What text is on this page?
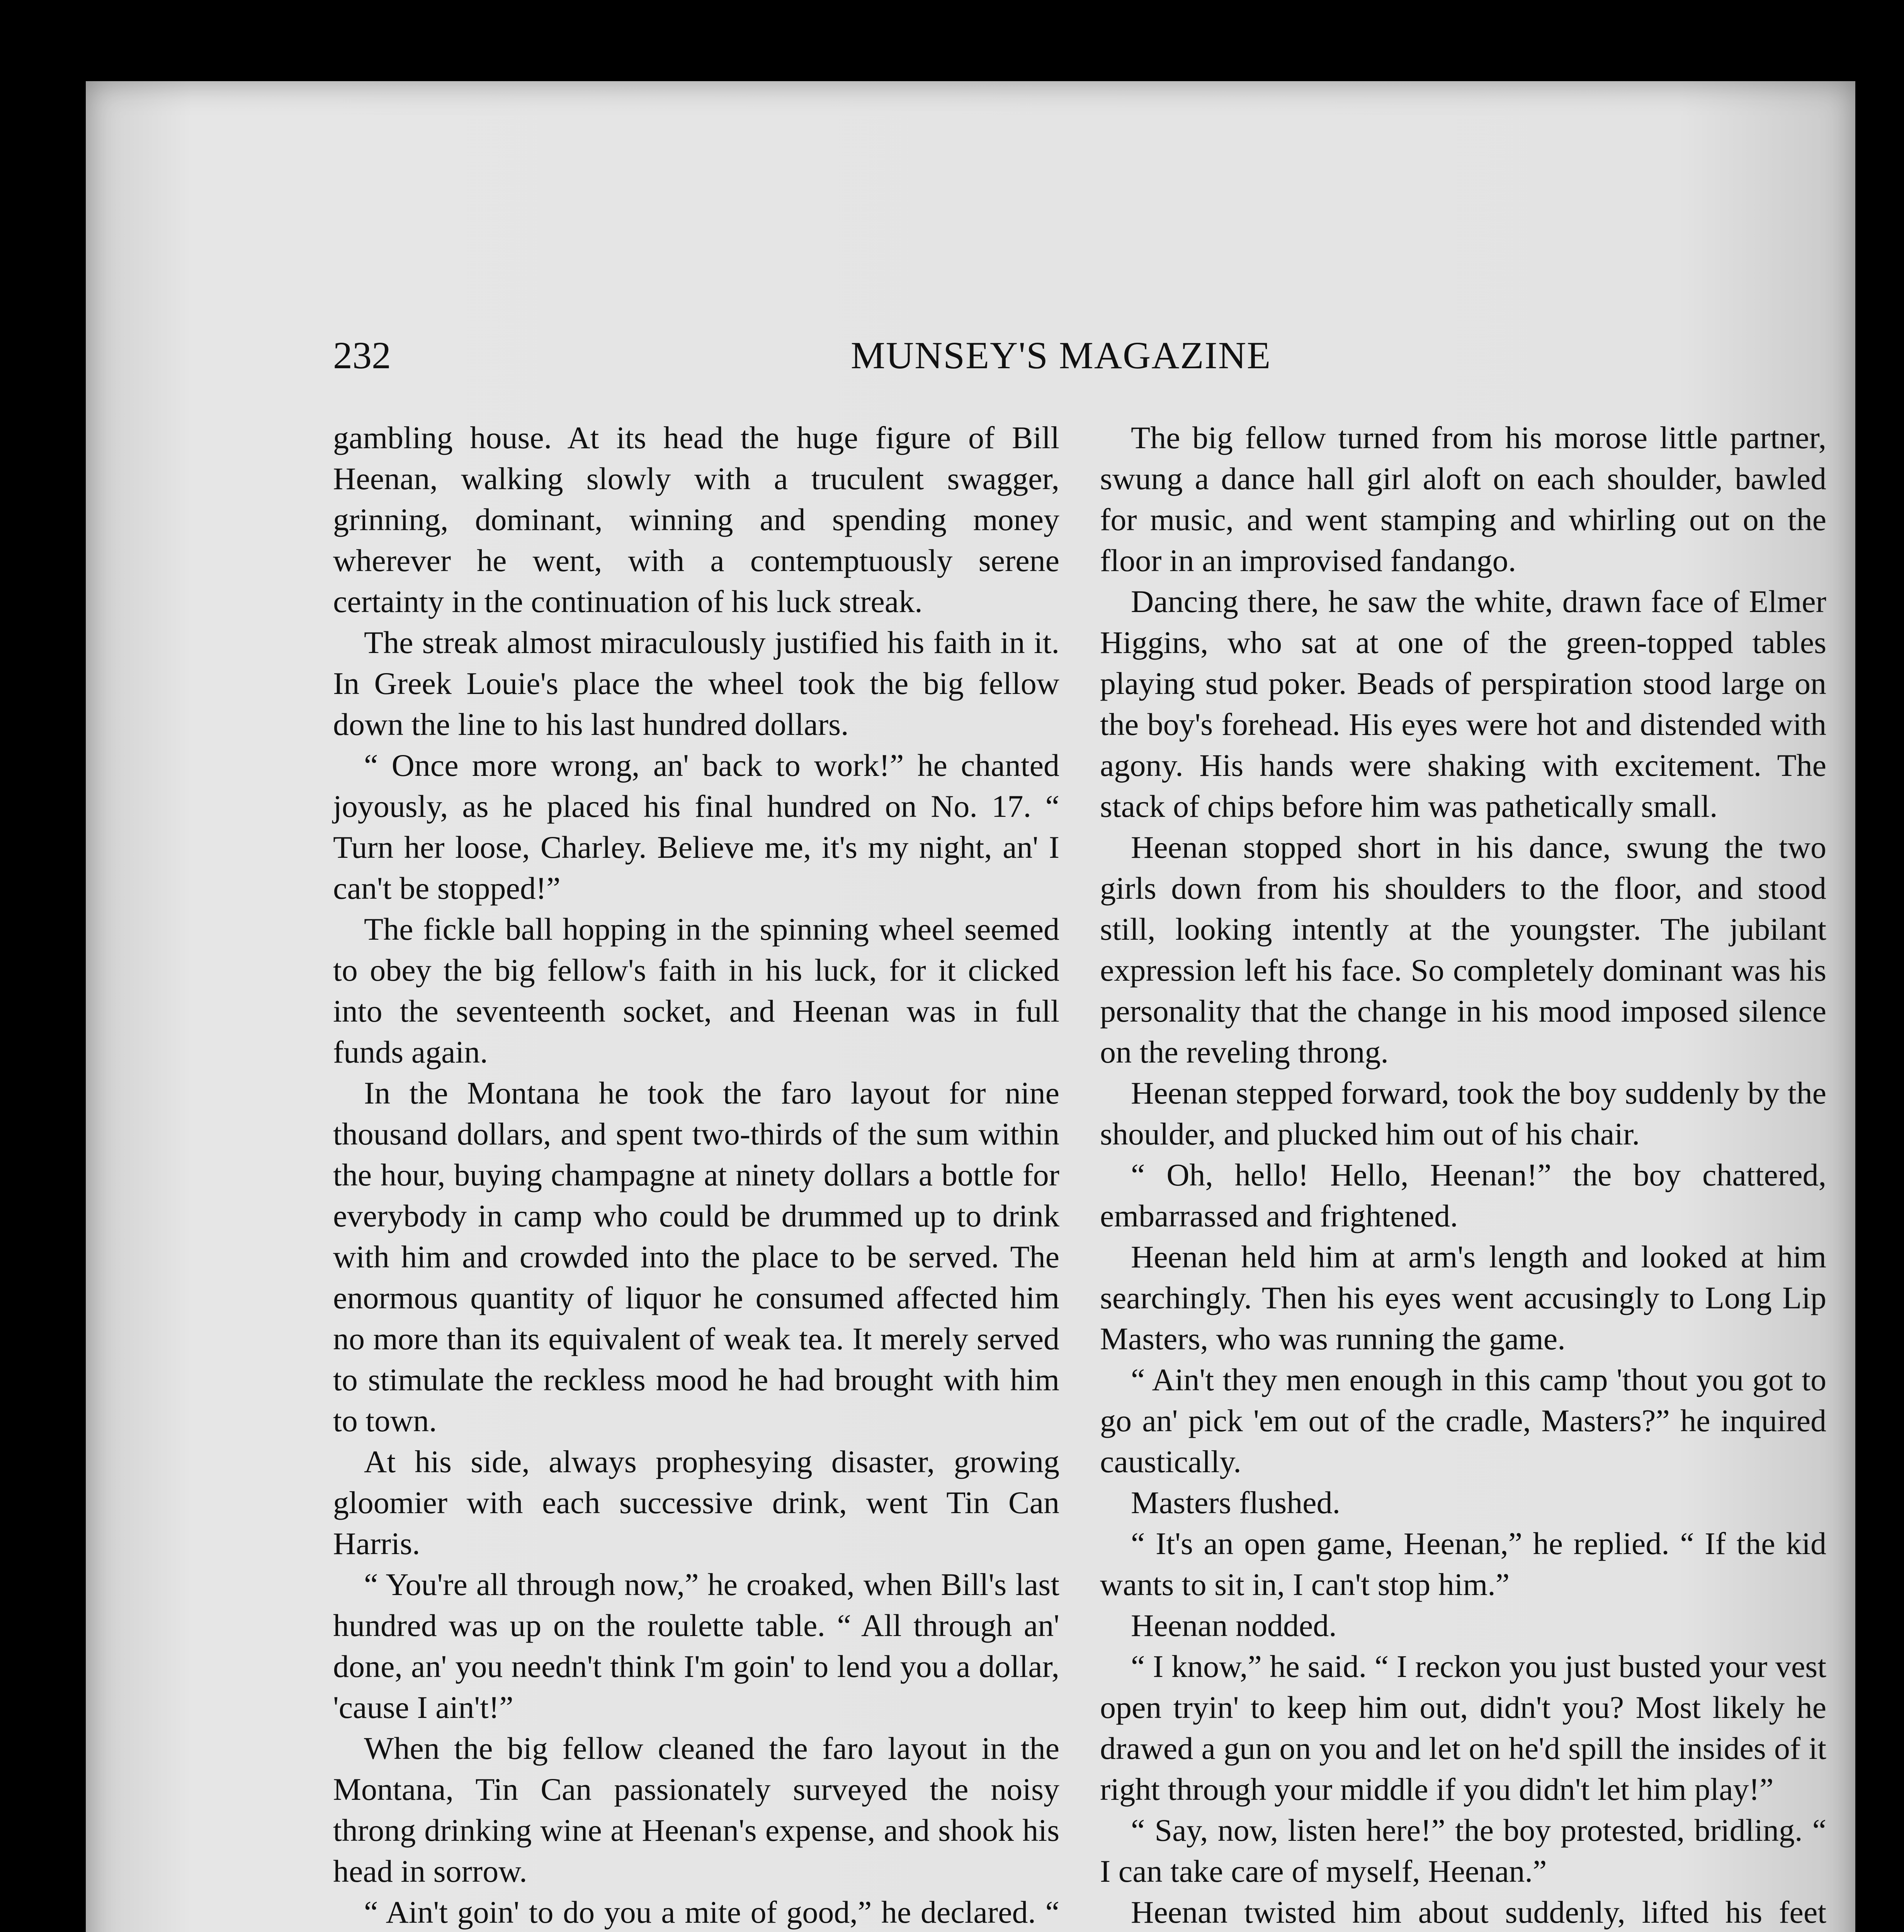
232	MUNSEY'S MAGAZINE

gambling house. At its head the huge figure of Bill Heenan, walking slowly with a truculent swagger, grinning, dominant, winning and spending money wherever he went, with a contemptuously serene certainty in the continuation of his luck streak.

The streak almost miraculously justified his faith in it. In Greek Louie's place the wheel took the big fellow down the line to his last hundred dollars.

“ Once more wrong, an' back to work!” he chanted joyously, as he placed his final hundred on No. 17. “ Turn her loose, Charley. Believe me, it's my night, an' I can't be stopped!”

The fickle ball hopping in the spinning wheel seemed to obey the big fellow's faith in his luck, for it clicked into the seventeenth socket, and Heenan was in full funds again.

In the Montana he took the faro layout for nine thousand dollars, and spent two-thirds of the sum within the hour, buying champagne at ninety dollars a bottle for everybody in camp who could be drummed up to drink with him and crowded into the place to be served. The enormous quantity of liquor he consumed affected him no more than its equivalent of weak tea. It merely served to stimulate the reckless mood he had brought with him to town.

At his side, always prophesying disaster, growing gloomier with each successive drink, went Tin Can Harris.

“ You're all through now,” he croaked, when Bill's last hundred was up on the roulette table. “ All through an' done, an' you needn't think I'm goin' to lend you a dollar, 'cause I ain't!”

When the big fellow cleaned the faro layout in the Montana, Tin Can passionately surveyed the noisy throng drinking wine at Heenan's expense, and shook his head in sorrow.

“ Ain't goin' to do you a mite of good,” he declared. “

The big fellow turned from his morose little partner, swung a dance hall girl aloft on each shoulder, bawled for music, and went stamping and whirling out on the floor in an improvised fandango.

Dancing there, he saw the white, drawn face of Elmer Higgins, who sat at one of the green-topped tables playing stud poker. Beads of perspiration stood large on the boy's forehead. His eyes were hot and distended with agony. His hands were shaking with excitement. The stack of chips before him was pathetically small.

Heenan stopped short in his dance, swung the two girls down from his shoulders to the floor, and stood still, looking intently at the youngster. The jubilant expression left his face. So completely dominant was his personality that the change in his mood imposed silence on the reveling throng.

Heenan stepped forward, took the boy suddenly by the shoulder, and plucked him out of his chair.

“ Oh, hello! Hello, Heenan!” the boy chattered, embarrassed and frightened.

Heenan held him at arm's length and looked at him searchingly. Then his eyes went accusingly to Long Lip Masters, who was running the game.

“ Ain't they men enough in this camp 'thout you got to go an' pick 'em out of the cradle, Masters?” he inquired caustically.

Masters flushed.

“ It's an open game, Heenan,” he replied. “ If the kid wants to sit in, I can't stop him.”

Heenan nodded.

“ I know,” he said. “ I reckon you just busted your vest open tryin' to keep him out, didn't you? Most likely he drawed a gun on you and let on he'd spill the insides of it right through your middle if you didn't let him play!”

“ Say, now, listen here!” the boy protested, bridling. “ I can take care of myself, Heenan.”

Heenan twisted him about suddenly, lifted his feet
